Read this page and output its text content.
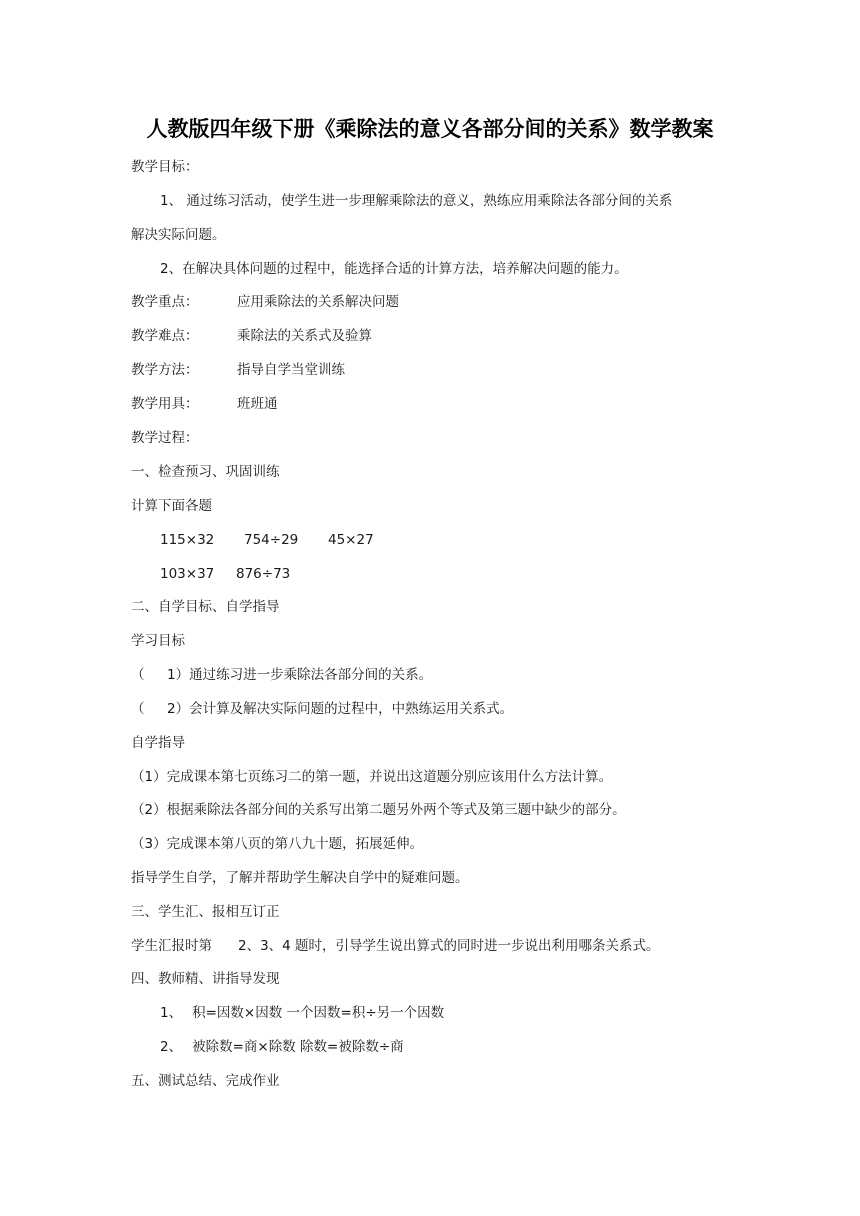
人教版四年级下册《乘除法的意义各部分间的关系》数学教案
教学目标：
1、 通过练习活动，使学生进一步理解乘除法的意义，熟练应用乘除法各部分间的关系
解决实际问题。
2、在解决具体问题的过程中，能选择合适的计算方法，培养解决问题的能力。
教学重点：	应用乘除法的关系解决问题
教学难点：	乘除法的关系式及验算
教学方法：	指导自学当堂训练
教学用具：	班班通
教学过程：
一、检查预习、巩固训练
计算下面各题
115×32 754÷29 45×27
103×37 876÷73
二、自学目标、自学指导
学习目标
（ 1）通过练习进一步乘除法各部分间的关系。
（ 2）会计算及解决实际问题的过程中，中熟练运用关系式。
自学指导
（1）完成课本第七页练习二的第一题，并说出这道题分别应该用什么方法计算。
（2）根据乘除法各部分间的关系写出第二题另外两个等式及第三题中缺少的部分。
（3）完成课本第八页的第八九十题，拓展延伸。
指导学生自学，了解并帮助学生解决自学中的疑难问题。
三、学生汇、报相互订正
学生汇报时第 2、3、4 题时，引导学生说出算式的同时进一步说出利用哪条关系式。
四、教师精、讲指导发现
1、 积=因数×因数 一个因数=积÷另一个因数
2、 被除数=商×除数 除数=被除数÷商
五、测试总结、完成作业
